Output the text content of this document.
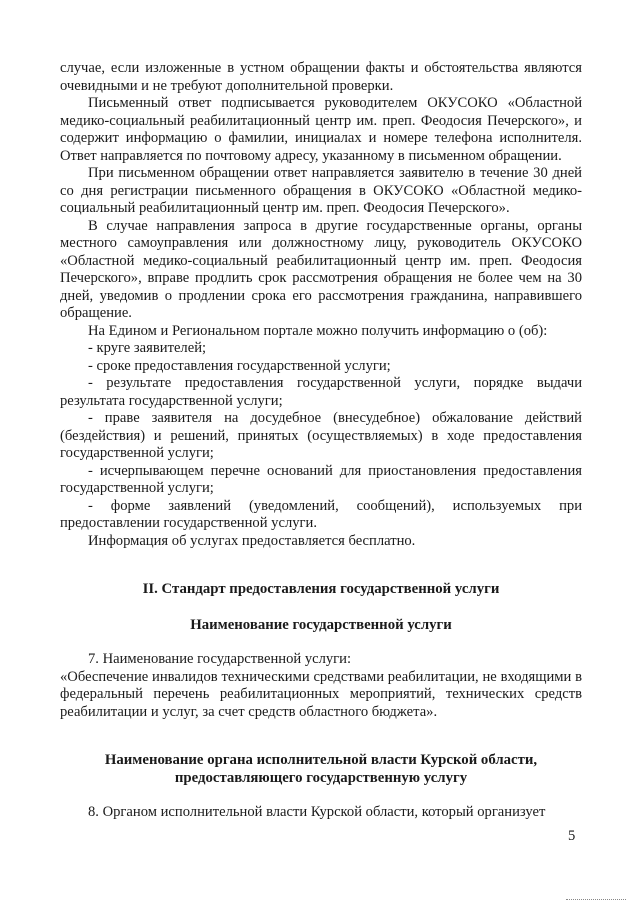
случае, если изложенные в устном обращении факты и обстоятельства являются очевидными и не требуют дополнительной проверки.

Письменный ответ подписывается руководителем ОКУСОКО «Областной медико-социальный реабилитационный центр им. преп. Феодосия Печерского», и содержит информацию о фамилии, инициалах и номере телефона исполнителя. Ответ направляется по почтовому адресу, указанному в письменном обращении.

При письменном обращении ответ направляется заявителю в течение 30 дней со дня регистрации письменного обращения в ОКУСОКО «Областной медико-социальный реабилитационный центр им. преп. Феодосия Печерского».

В случае направления запроса в другие государственные органы, органы местного самоуправления или должностному лицу, руководитель ОКУСОКО «Областной медико-социальный реабилитационный центр им. преп. Феодосия Печерского», вправе продлить срок рассмотрения обращения не более чем на 30 дней, уведомив о продлении срока его рассмотрения гражданина, направившего обращение.

На Едином и Региональном портале можно получить информацию о (об):

- круге заявителей;

- сроке предоставления государственной услуги;

- результате предоставления государственной услуги, порядке выдачи результата государственной услуги;

- праве заявителя на досудебное (внесудебное) обжалование действий (бездействия) и решений, принятых (осуществляемых) в ходе предоставления государственной услуги;

- исчерпывающем перечне оснований для приостановления предоставления государственной услуги;

- форме заявлений (уведомлений, сообщений), используемых при предоставлении государственной услуги.

Информация об услугах предоставляется бесплатно.

II. Стандарт предоставления государственной услуги

Наименование государственной услуги

7. Наименование государственной услуги:

«Обеспечение инвалидов техническими средствами реабилитации, не входящими в федеральный перечень реабилитационных мероприятий, технических средств реабилитации и услуг, за счет средств областного бюджета».

Наименование органа исполнительной власти Курской области,

предоставляющего государственную услугу

8. Органом исполнительной власти Курской области, который организует

5
